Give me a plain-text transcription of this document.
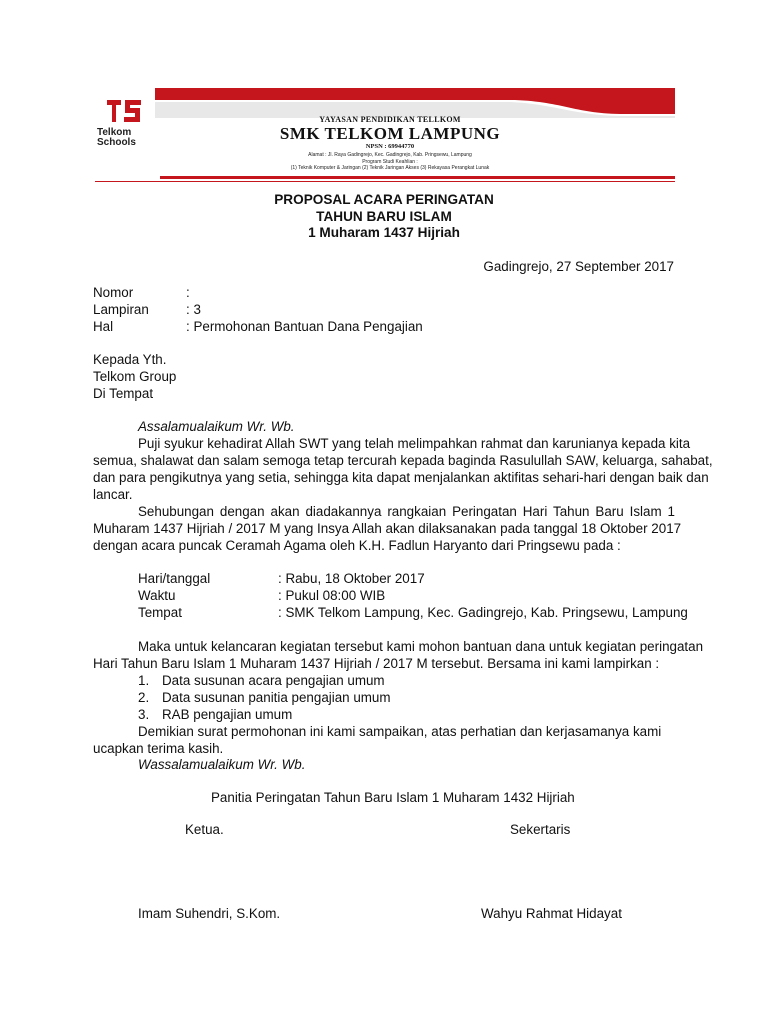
Telkom
Schools
YAYASAN PENDIDIKAN TELLKOM
SMK TELKOM LAMPUNG
NPSN : 69944770
Alamat : Jl. Raya Gadingrejo, Kec. Gadingrejo, Kab. Pringsewu, Lampung
Program Studi Keahlian :
(1) Teknik Komputer & Jaringan (2) Teknik Jaringan Akses (3) Rekayasa Perangkat Lunak
PROPOSAL ACARA PERINGATAN
TAHUN BARU ISLAM
1 Muharam 1437 Hijriah
Gadingrejo, 27 September 2017
Nomor	:
Lampiran	: 3
Hal	: Permohonan Bantuan Dana Pengajian
Kepada Yth.
Telkom Group
Di Tempat
Assalamualaikum Wr. Wb.
Puji syukur kehadirat Allah SWT yang telah melimpahkan rahmat dan karunianya kepada kita
semua, shalawat dan salam semoga tetap tercurah kepada baginda Rasulullah SAW, keluarga, sahabat,
dan para pengikutnya yang setia, sehingga kita dapat menjalankan aktifitas sehari-hari dengan baik dan
lancar.
Sehubungan dengan akan diadakannya rangkaian Peringatan Hari Tahun Baru Islam 1
Muharam 1437 Hijriah / 2017 M yang Insya Allah akan dilaksanakan pada tanggal 18 Oktober 2017
dengan acara puncak Ceramah Agama oleh K.H. Fadlun Haryanto dari Pringsewu pada :
Hari/tanggal	: Rabu, 18 Oktober 2017
Waktu	: Pukul 08:00 WIB
Tempat	: SMK Telkom Lampung, Kec. Gadingrejo, Kab. Pringsewu, Lampung
Maka untuk kelancaran kegiatan tersebut kami mohon bantuan dana untuk kegiatan peringatan
Hari Tahun Baru Islam 1 Muharam 1437 Hijriah / 2017 M tersebut. Bersama ini kami lampirkan :
1. Data susunan acara pengajian umum
2. Data susunan panitia pengajian umum
3. RAB pengajian umum
Demikian surat permohonan ini kami sampaikan, atas perhatian dan kerjasamanya kami
ucapkan terima kasih.
Wassalamualaikum Wr. Wb.
Panitia Peringatan Tahun Baru Islam 1 Muharam 1432 Hijriah
Ketua.	Sekertaris
Imam Suhendri, S.Kom.	Wahyu Rahmat Hidayat
